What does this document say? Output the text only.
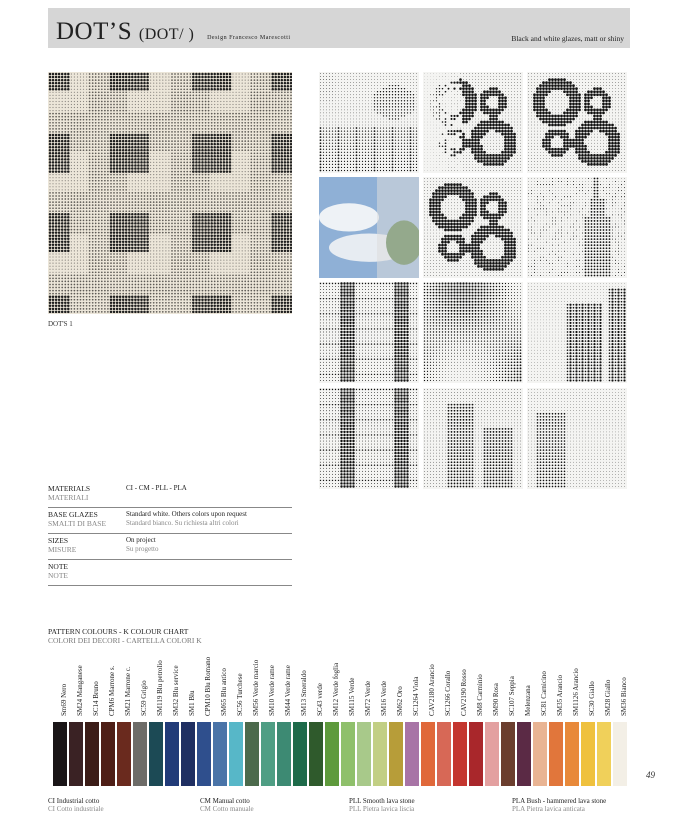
DOT’S (DOT/ ) Design Francesco Marescotti	Black and white glazes, matt or shiny
DOT'S 1
MATERIALS
MATERIALI
CI - CM - PLL - PLA
BASE GLAZES
SMALTI DI BASE
Standard white. Others colors upon request
Standard bianco. Su richiesta altri colori
SIZES
MISURE
On project
Su progetto
NOTE
NOTE
PATTERN COLOURS - K COLOUR CHART
COLORI DEI DECORI - CARTELLA COLORI K
Sm69 Nero SM24 Manganese SC14 Bruno CPM6 Marrone s. SM21 Marrone c. SC59 Grigio SM119 Blu petrolio SM32 Blu service SM1 Blu CPM10 Blu Romano SM65 Blu antico SC56 Turchese SM56 Verde marcio SM10 Verde rame SM44 Verde rame SM13 Smeraldo SC43 verde SM12 Verde foglia SM115 Verde SM72 Verde SM16 Verde SM62 Oro SC1264 Viola CAV2180 Arancio SC1266 Corallo CAV2190 Rosso SM8 Carminio SM90 Rosa SC107 Seppia Melenzana SC81 Carnicino SM35 Arancio SM1126 Arancio SC30 Giallo SM28 Giallo SM36 Bianco
49
CI Industrial cotto
CI Cotto industriale
CM Manual cotto
CM Cotto manuale
PLL Smooth lava stone
PLL Pietra lavica liscia
PLA Bush - hammered lava stone
PLA Pietra lavica anticata
